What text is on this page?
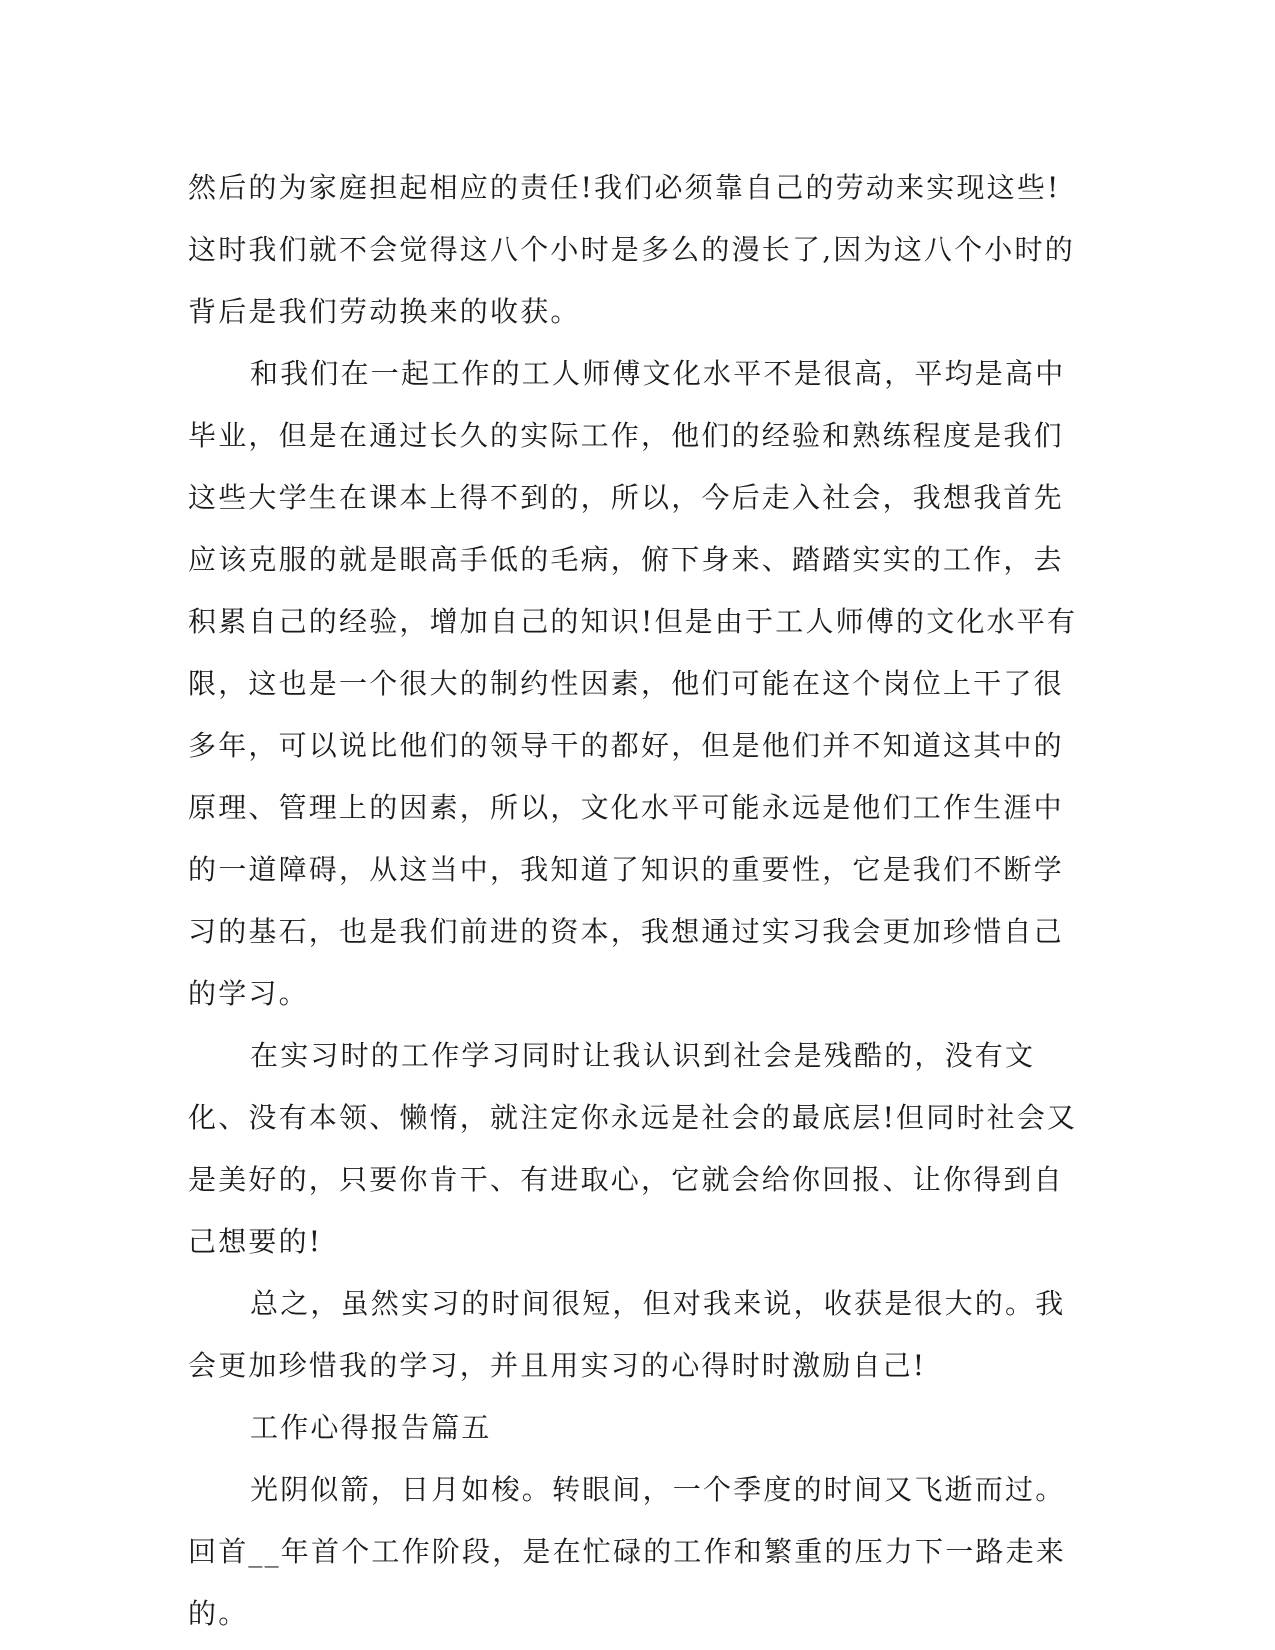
然后的为家庭担起相应的责任!我们必须靠自己的劳动来实现这些!这时我们就不会觉得这八个小时是多么的漫长了,因为这八个小时的背后是我们劳动换来的收获。

和我们在一起工作的工人师傅文化水平不是很高，平均是高中毕业，但是在通过长久的实际工作，他们的经验和熟练程度是我们这些大学生在课本上得不到的，所以，今后走入社会，我想我首先应该克服的就是眼高手低的毛病，俯下身来、踏踏实实的工作，去积累自己的经验，增加自己的知识!但是由于工人师傅的文化水平有限，这也是一个很大的制约性因素，他们可能在这个岗位上干了很多年，可以说比他们的领导干的都好，但是他们并不知道这其中的原理、管理上的因素，所以，文化水平可能永远是他们工作生涯中的一道障碍，从这当中，我知道了知识的重要性，它是我们不断学习的基石，也是我们前进的资本，我想通过实习我会更加珍惜自己的学习。

在实习时的工作学习同时让我认识到社会是残酷的，没有文化、没有本领、懒惰，就注定你永远是社会的最底层!但同时社会又是美好的，只要你肯干、有进取心，它就会给你回报、让你得到自己想要的!

总之，虽然实习的时间很短，但对我来说，收获是很大的。我会更加珍惜我的学习，并且用实习的心得时时激励自己!

工作心得报告篇五

光阴似箭，日月如梭。转眼间，一个季度的时间又飞逝而过。回首__年首个工作阶段，是在忙碌的工作和繁重的压力下一路走来的。
